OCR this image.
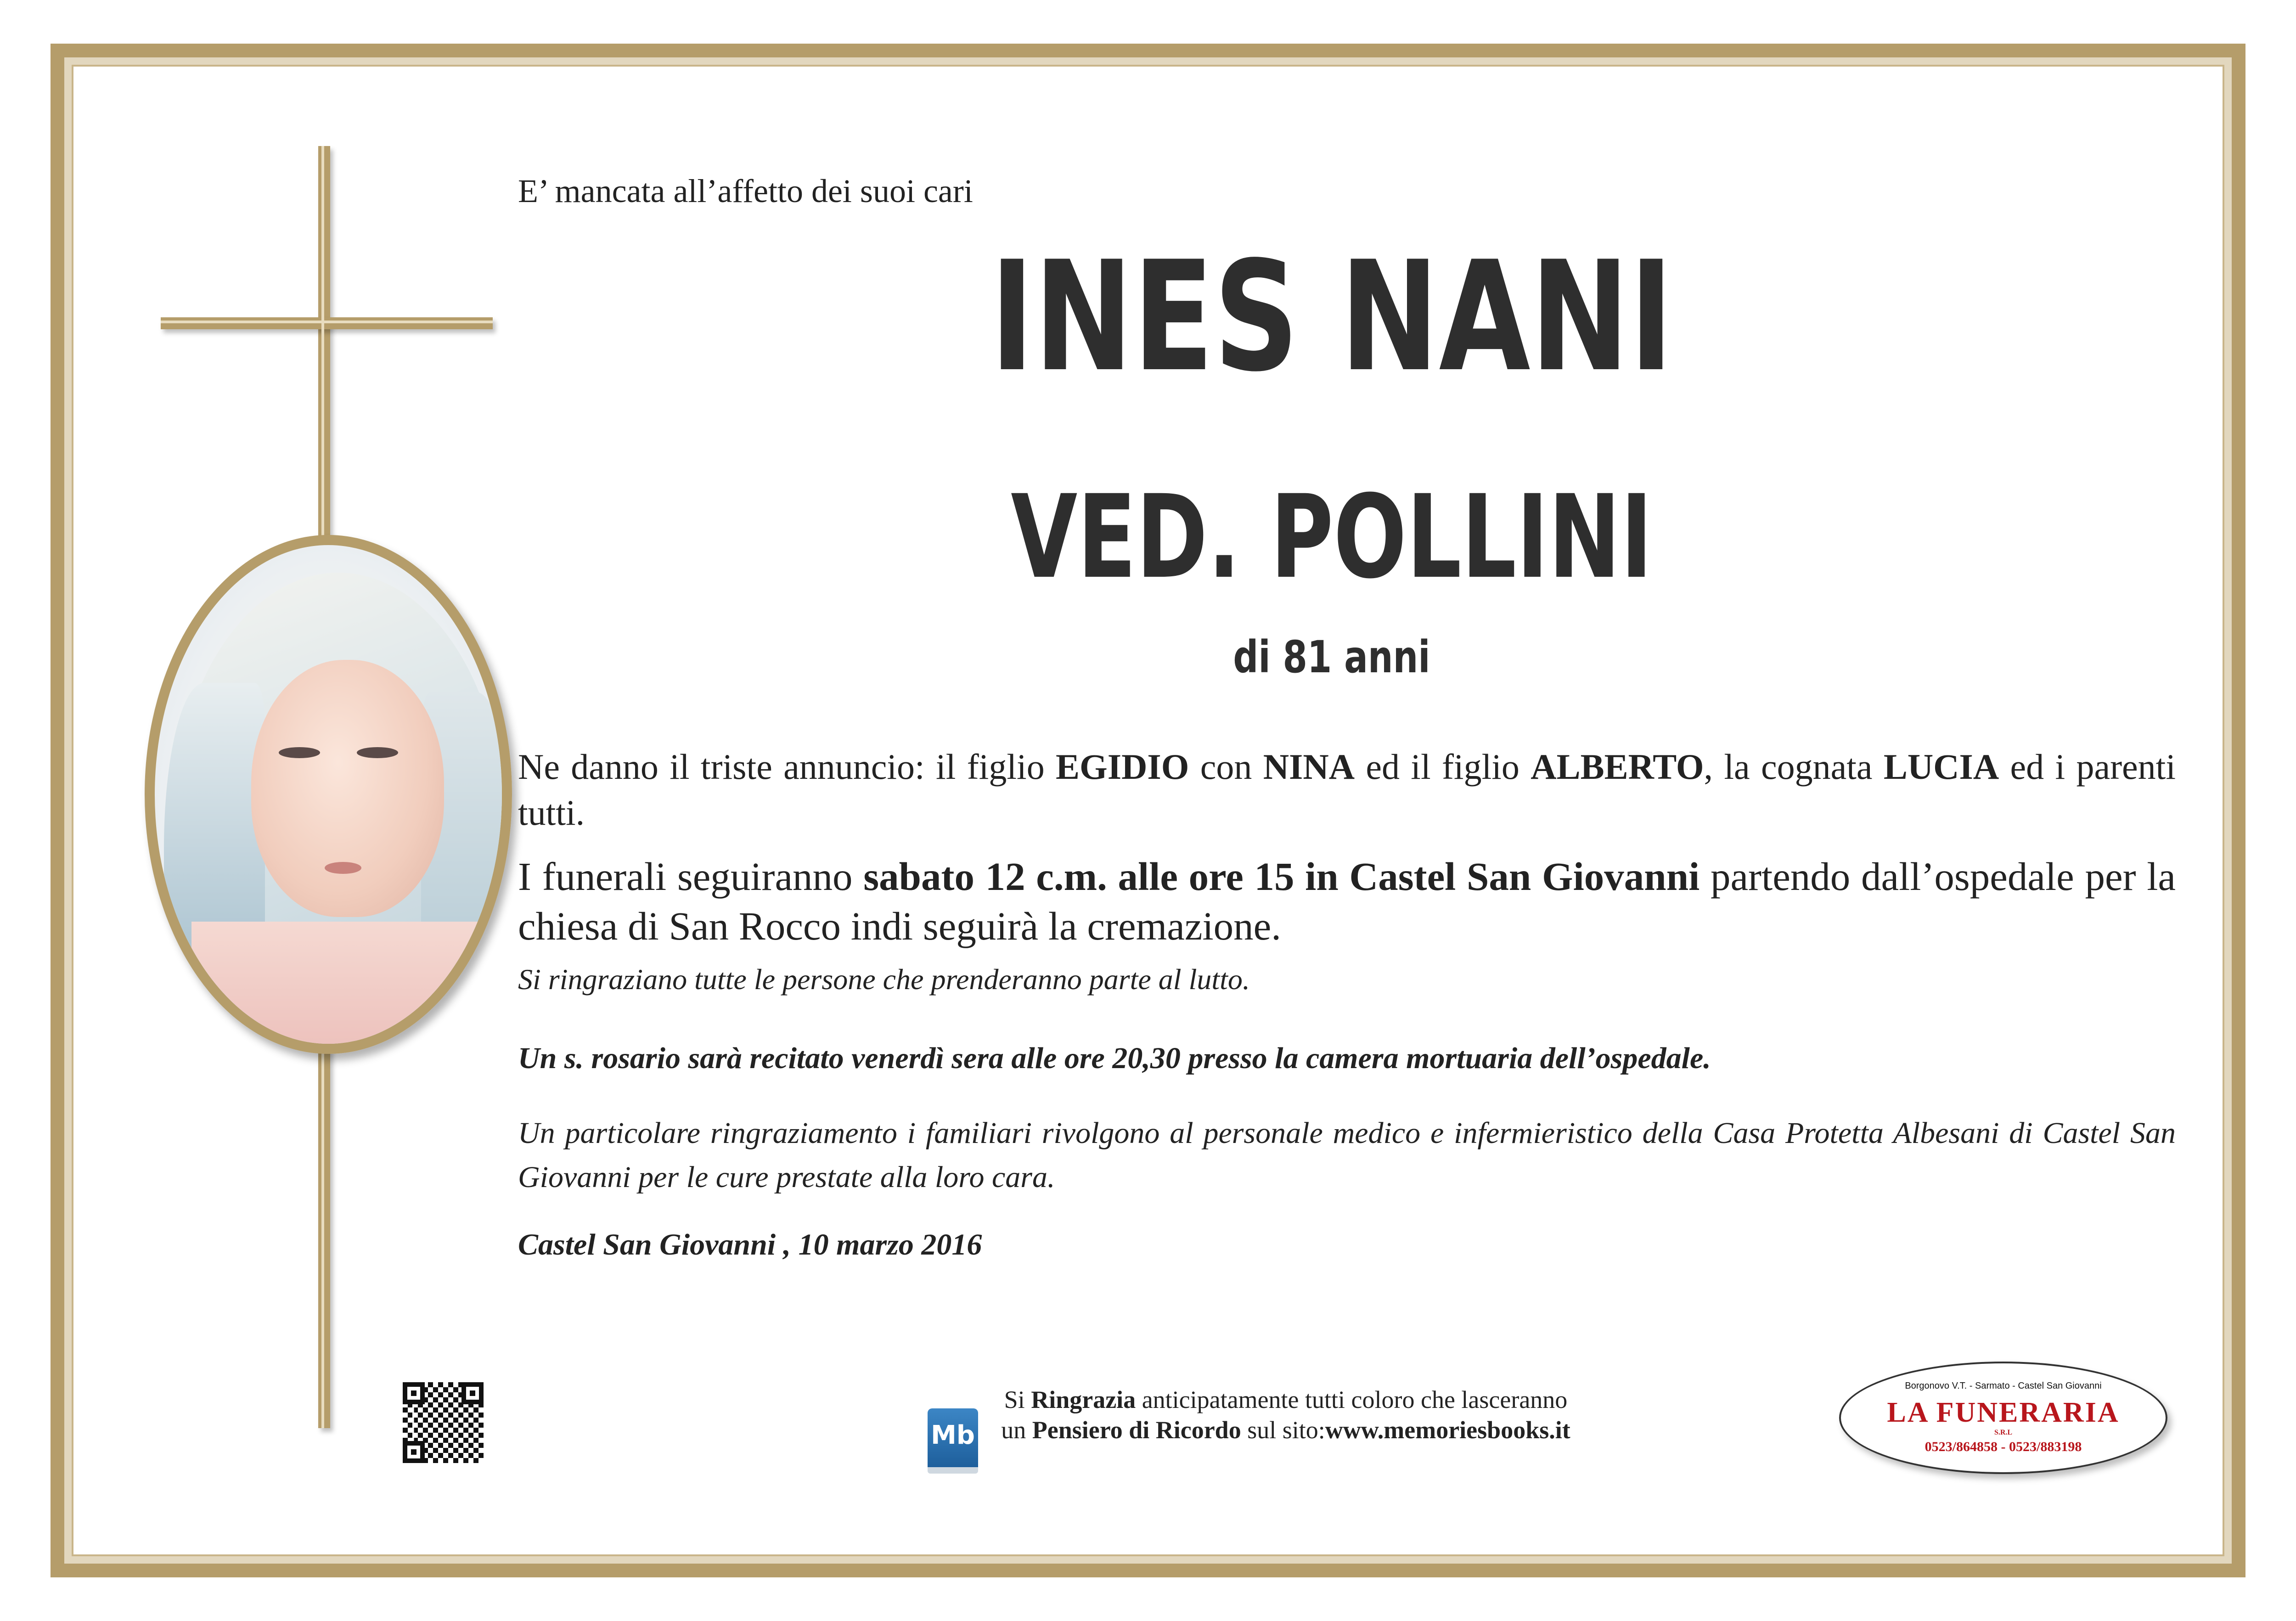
E’ mancata all’affetto dei suoi cari

INES NANI

VED. POLLINI

di 81 anni

Ne danno il triste annuncio: il figlio EGIDIO con NINA ed il figlio ALBERTO, la cognata LUCIA ed i parenti tutti.

I funerali seguiranno sabato 12 c.m. alle ore 15 in Castel San Giovanni partendo dall’ospedale per la chiesa di San Rocco indi seguirà la cremazione.

Si ringraziano tutte le persone che prenderanno parte al lutto.

Un s. rosario sarà recitato venerdì sera alle ore 20,30 presso la camera mortuaria dell’ospedale.

Un particolare ringraziamento i familiari rivolgono al personale medico e infermieristico della Casa Protetta Albesani di Castel San Giovanni per le cure prestate alla loro cara.

Castel San Giovanni , 10 marzo 2016

Mb

Si Ringrazia anticipatamente tutti coloro che lasceranno un Pensiero di Ricordo sul sito:www.memoriesbooks.it

Borgonovo V.T. - Sarmato - Castel San Giovanni

LA FUNERARIA

S.R.L

0523/864858 - 0523/883198
